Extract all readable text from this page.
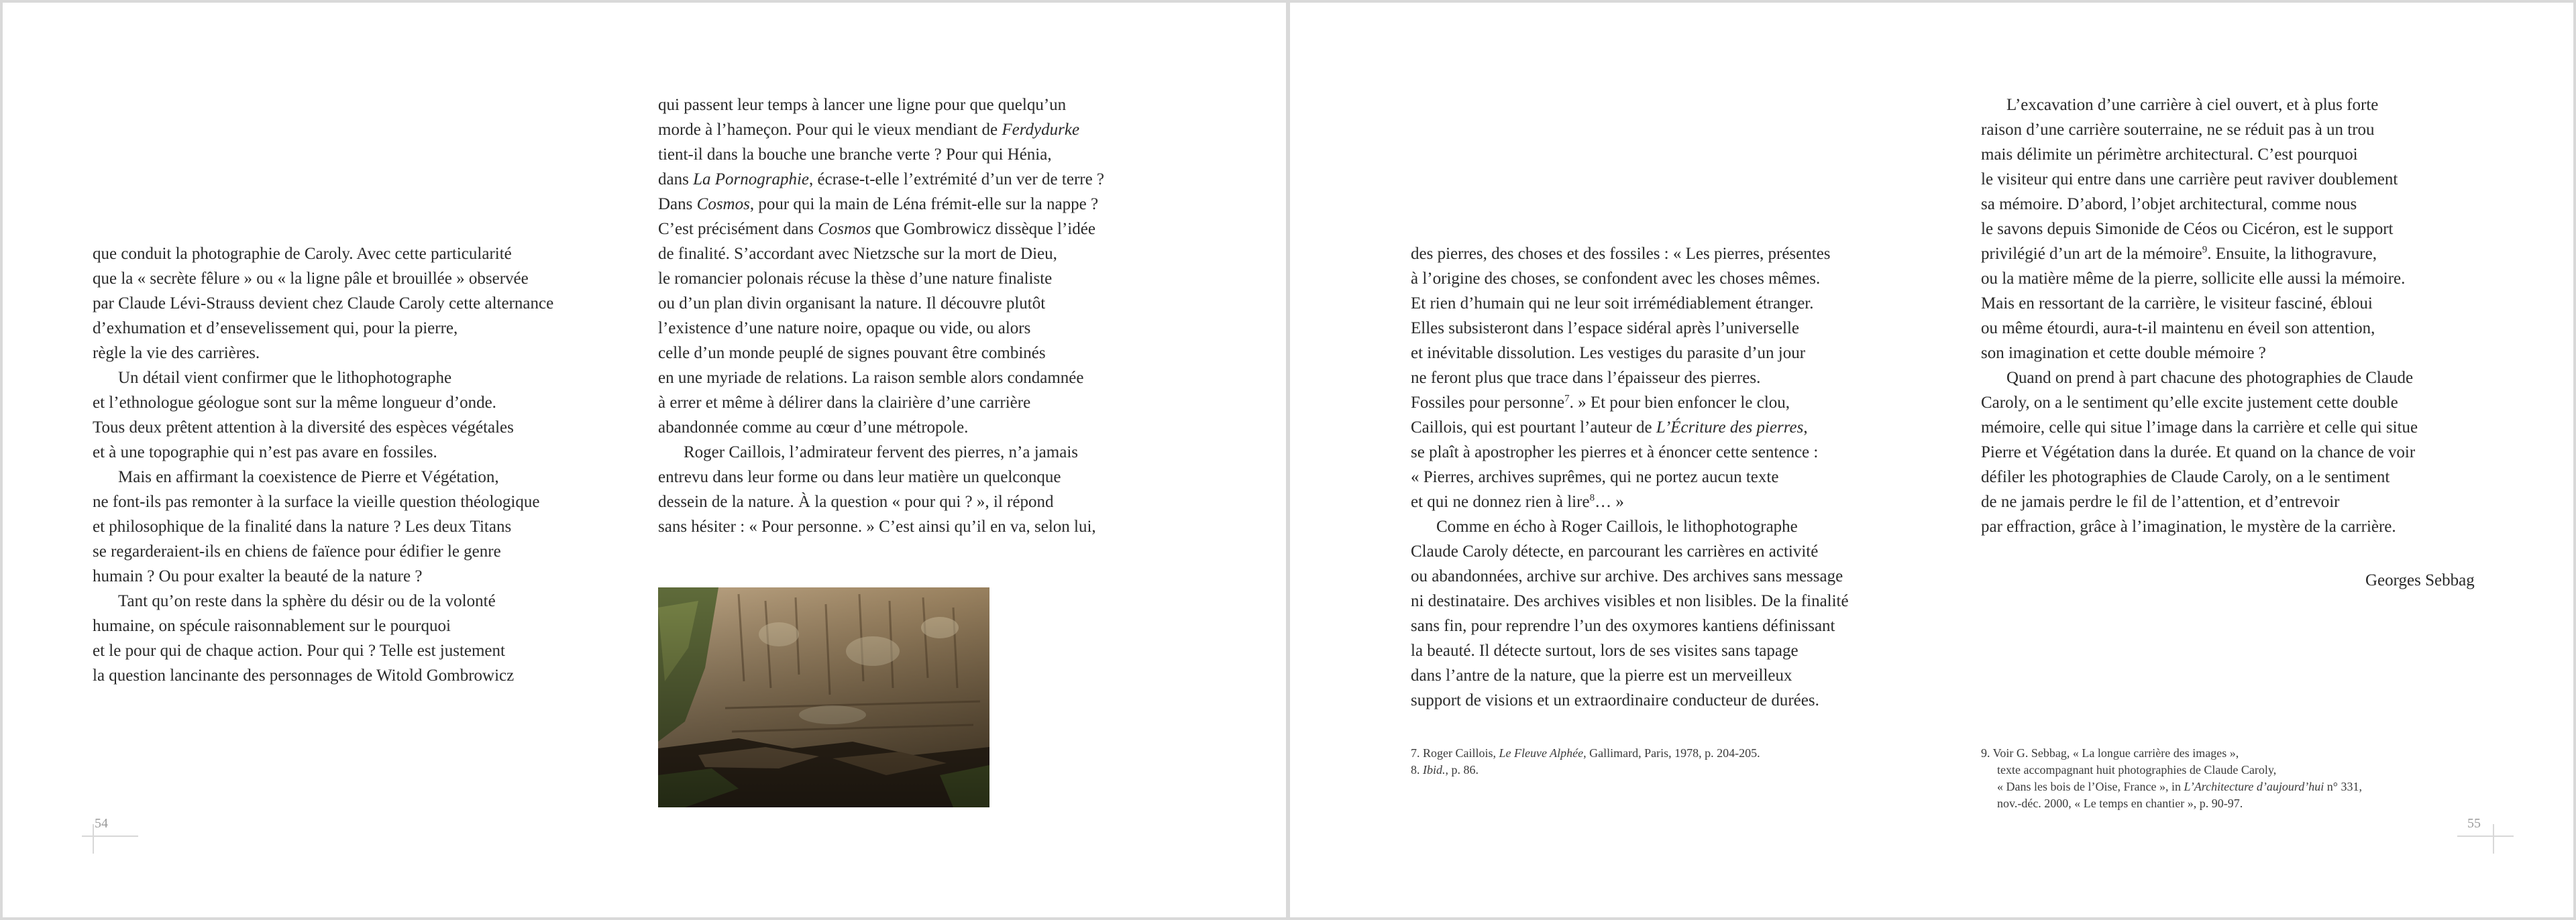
que conduit la photographie de Caroly. Avec cette particularité

que la « secrète fêlure » ou « la ligne pâle et brouillée » observée

par Claude Lévi-Strauss devient chez Claude Caroly cette alternance

d’exhumation et d’ensevelissement qui, pour la pierre,

règle la vie des carrières.

Un détail vient confirmer que le lithophotographe

et l’ethnologue géologue sont sur la même longueur d’onde.

Tous deux prêtent attention à la diversité des espèces végétales

et à une topographie qui n’est pas avare en fossiles.

Mais en affirmant la coexistence de Pierre et Végétation,

ne font-ils pas remonter à la surface la vieille question théologique

et philosophique de la finalité dans la nature ? Les deux Titans

se regarderaient-ils en chiens de faïence pour édifier le genre

humain ? Ou pour exalter la beauté de la nature ?

Tant qu’on reste dans la sphère du désir ou de la volonté

humaine, on spécule raisonnablement sur le pourquoi

et le pour qui de chaque action. Pour qui ? Telle est justement

la question lancinante des personnages de Witold Gombrowicz

qui passent leur temps à lancer une ligne pour que quelqu’un

morde à l’hameçon. Pour qui le vieux mendiant de Ferdydurke

tient-il dans la bouche une branche verte ? Pour qui Hénia,

dans La Pornographie, écrase-t-elle l’extrémité d’un ver de terre ?

Dans Cosmos, pour qui la main de Léna frémit-elle sur la nappe ?

C’est précisément dans Cosmos que Gombrowicz dissèque l’idée

de finalité. S’accordant avec Nietzsche sur la mort de Dieu,

le romancier polonais récuse la thèse d’une nature finaliste

ou d’un plan divin organisant la nature. Il découvre plutôt

l’existence d’une nature noire, opaque ou vide, ou alors

celle d’un monde peuplé de signes pouvant être combinés

en une myriade de relations. La raison semble alors condamnée

à errer et même à délirer dans la clairière d’une carrière

abandonnée comme au cœur d’une métropole.

Roger Caillois, l’admirateur fervent des pierres, n’a jamais

entrevu dans leur forme ou dans leur matière un quelconque

dessein de la nature. À la question « pour qui ? », il répond

sans hésiter : « Pour personne. » C’est ainsi qu’il en va, selon lui,

54

des pierres, des choses et des fossiles : « Les pierres, présentes

à l’origine des choses, se confondent avec les choses mêmes.

Et rien d’humain qui ne leur soit irrémédiablement étranger.

Elles subsisteront dans l’espace sidéral après l’universelle

et inévitable dissolution. Les vestiges du parasite d’un jour

ne feront plus que trace dans l’épaisseur des pierres.

Fossiles pour personne$^7$. » Et pour bien enfoncer le clou,

Caillois, qui est pourtant l’auteur de L’Écriture des pierres,

se plaît à apostropher les pierres et à énoncer cette sentence :

« Pierres, archives suprêmes, qui ne portez aucun texte

et qui ne donnez rien à lire$^8$… »

Comme en écho à Roger Caillois, le lithophotographe

Claude Caroly détecte, en parcourant les carrières en activité

ou abandonnées, archive sur archive. Des archives sans message

ni destinataire. Des archives visibles et non lisibles. De la finalité

sans fin, pour reprendre l’un des oxymores kantiens définissant

la beauté. Il détecte surtout, lors de ses visites sans tapage

dans l’antre de la nature, que la pierre est un merveilleux

support de visions et un extraordinaire conducteur de durées.

L’excavation d’une carrière à ciel ouvert, et à plus forte

raison d’une carrière souterraine, ne se réduit pas à un trou

mais délimite un périmètre architectural. C’est pourquoi

le visiteur qui entre dans une carrière peut raviver doublement

sa mémoire. D’abord, l’objet architectural, comme nous

le savons depuis Simonide de Céos ou Cicéron, est le support

privilégié d’un art de la mémoire$^9$. Ensuite, la lithogravure,

ou la matière même de la pierre, sollicite elle aussi la mémoire.

Mais en ressortant de la carrière, le visiteur fasciné, ébloui

ou même étourdi, aura-t-il maintenu en éveil son attention,

son imagination et cette double mémoire ?

Quand on prend à part chacune des photographies de Claude

Caroly, on a le sentiment qu’elle excite justement cette double

mémoire, celle qui situe l’image dans la carrière et celle qui situe

Pierre et Végétation dans la durée. Et quand on la chance de voir

défiler les photographies de Claude Caroly, on a le sentiment

de ne jamais perdre le fil de l’attention, et d’entrevoir

par effraction, grâce à l’imagination, le mystère de la carrière.

Georges Sebbag

7. Roger Caillois, Le Fleuve Alphée, Gallimard, Paris, 1978, p. 204-205.

8. Ibid., p. 86.

9. Voir G. Sebbag, « La longue carrière des images »,

texte accompagnant huit photographies de Claude Caroly,

« Dans les bois de l’Oise, France », in L’Architecture d’aujourd’hui n° 331,

nov.-déc. 2000, « Le temps en chantier », p. 90-97.

55
